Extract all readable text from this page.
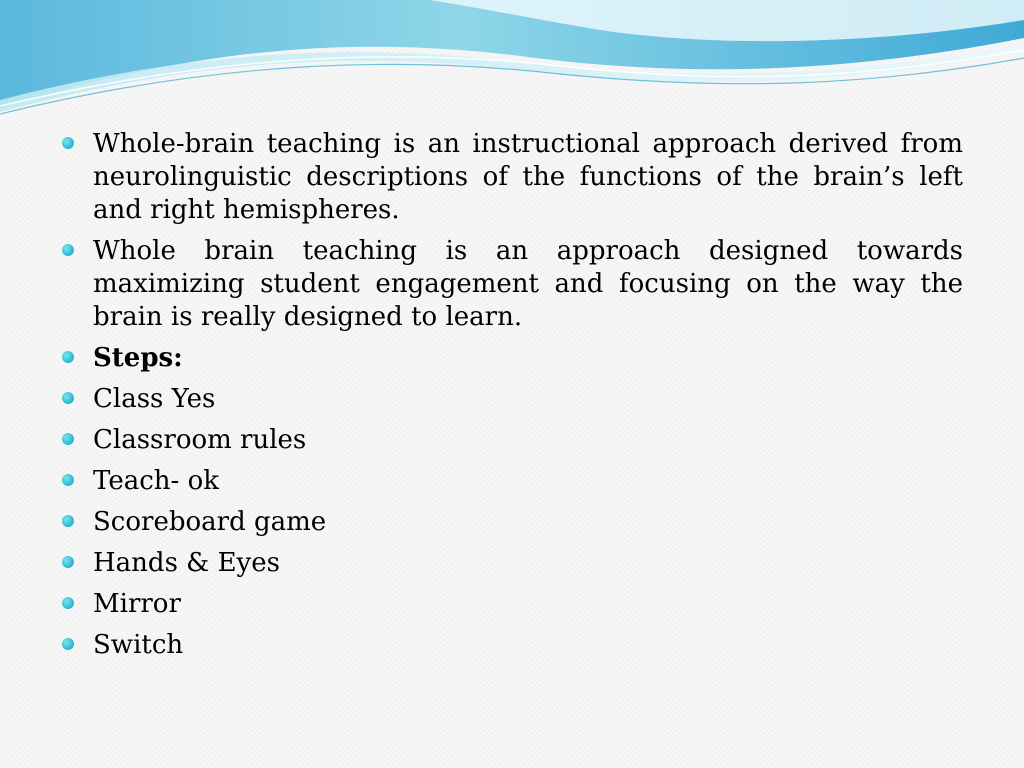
Whole-brain teaching is an instructional approach derived from neurolinguistic descriptions of the functions of the brain’s left and right hemispheres.
Whole brain teaching is an approach designed towards maximizing student engagement and focusing on the way the brain is really designed to learn.
Steps:
Class Yes
Classroom rules
Teach- ok
Scoreboard game
Hands & Eyes
Mirror
Switch
